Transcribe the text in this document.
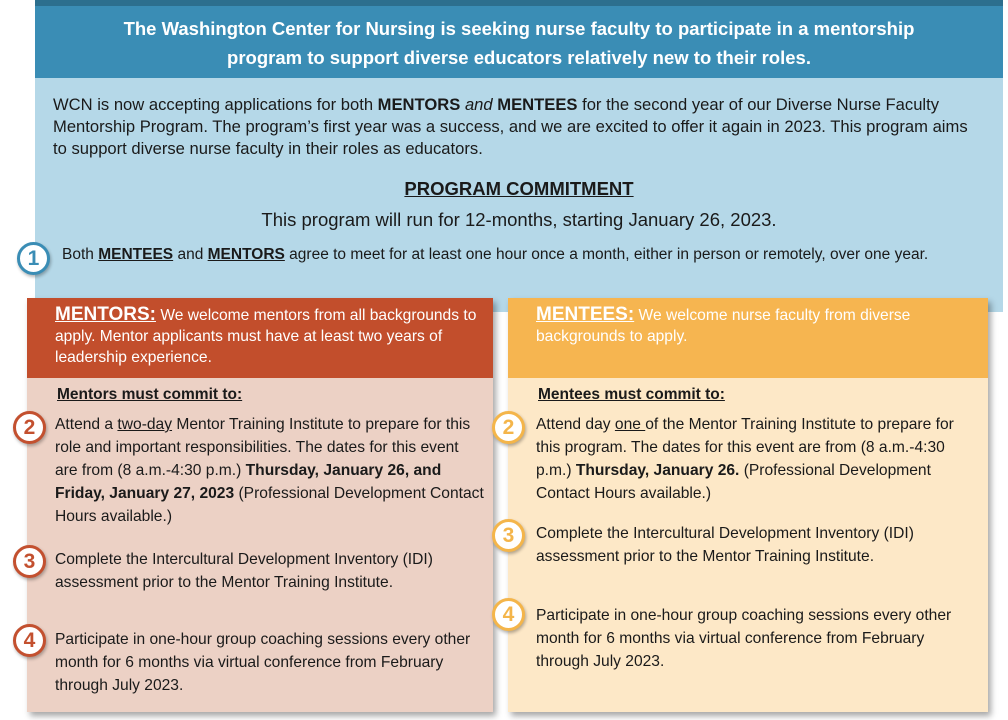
The Washington Center for Nursing is seeking nurse faculty to participate in a mentorship
program to support diverse educators relatively new to their roles.

WCN is now accepting applications for both MENTORS and MENTEES for the second year of our Diverse Nurse Faculty Mentorship Program. The program’s first year was a success, and we are excited to offer it again in 2023. This program aims to support diverse nurse faculty in their roles as educators.

PROGRAM COMMITMENT
This program will run for 12-months, starting January 26, 2023.
Both MENTEES and MENTORS agree to meet for at least one hour once a month, either in person or remotely, over one year.
1
MENTORS: We welcome mentors from all backgrounds to apply. Mentor applicants must have at least two years of leadership experience.
Mentors must commit to:
Attend a two-day Mentor Training Institute to prepare for this role and important responsibilities. The dates for this event are from (8 a.m.-4:30 p.m.) Thursday, January 26, and Friday, January 27, 2023 (Professional Development Contact Hours available.)
Complete the Intercultural Development Inventory (IDI) assessment prior to the Mentor Training Institute.
Participate in one-hour group coaching sessions every other month for 6 months via virtual conference from February through July 2023.
2
3
4
MENTEES: We welcome nurse faculty from diverse backgrounds to apply.
Mentees must commit to:
Attend day one of the Mentor Training Institute to prepare for this program. The dates for this event are from (8 a.m.-4:30 p.m.) Thursday, January 26. (Professional Development Contact Hours available.)
Complete the Intercultural Development Inventory (IDI) assessment prior to the Mentor Training Institute.
Participate in one-hour group coaching sessions every other month for 6 months via virtual conference from February through July 2023.
2
3
4
